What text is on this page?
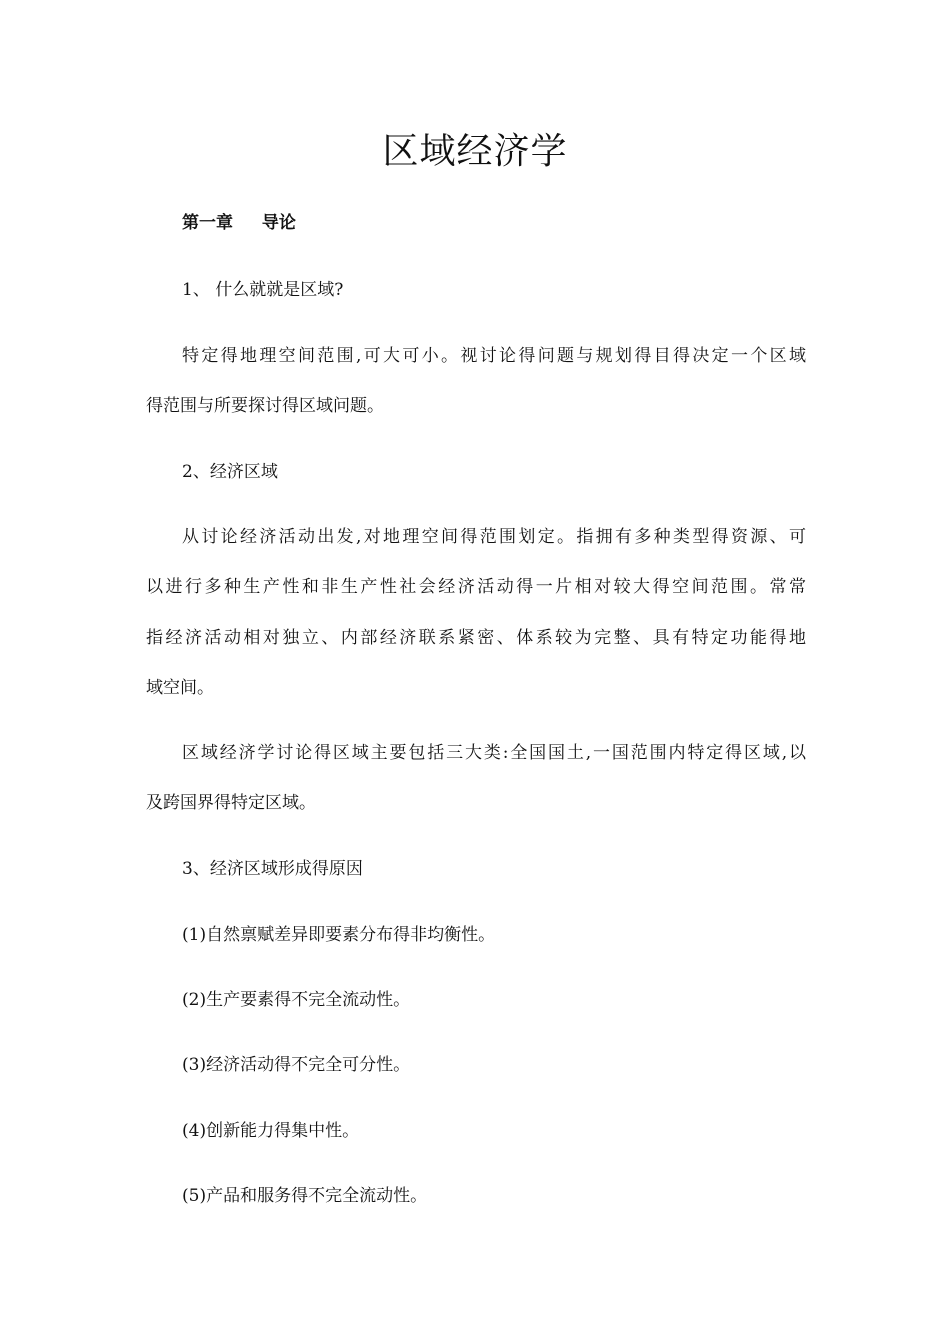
区域经济学

第一章　  导论

1、 什么就就是区域?

特定得地理空间范围,可大可小。视讨论得问题与规划得目得决定一个区域

得范围与所要探讨得区域问题。

2、经济区域

从讨论经济活动出发,对地理空间得范围划定。指拥有多种类型得资源、可

以进行多种生产性和非生产性社会经济活动得一片相对较大得空间范围。常常

指经济活动相对独立、内部经济联系紧密、体系较为完整、具有特定功能得地

域空间。

区域经济学讨论得区域主要包括三大类:全国国土,一国范围内特定得区域,以

及跨国界得特定区域。

3、经济区域形成得原因

(1)自然禀赋差异即要素分布得非均衡性。

(2)生产要素得不完全流动性。

(3)经济活动得不完全可分性。

(4)创新能力得集中性。

(5)产品和服务得不完全流动性。
